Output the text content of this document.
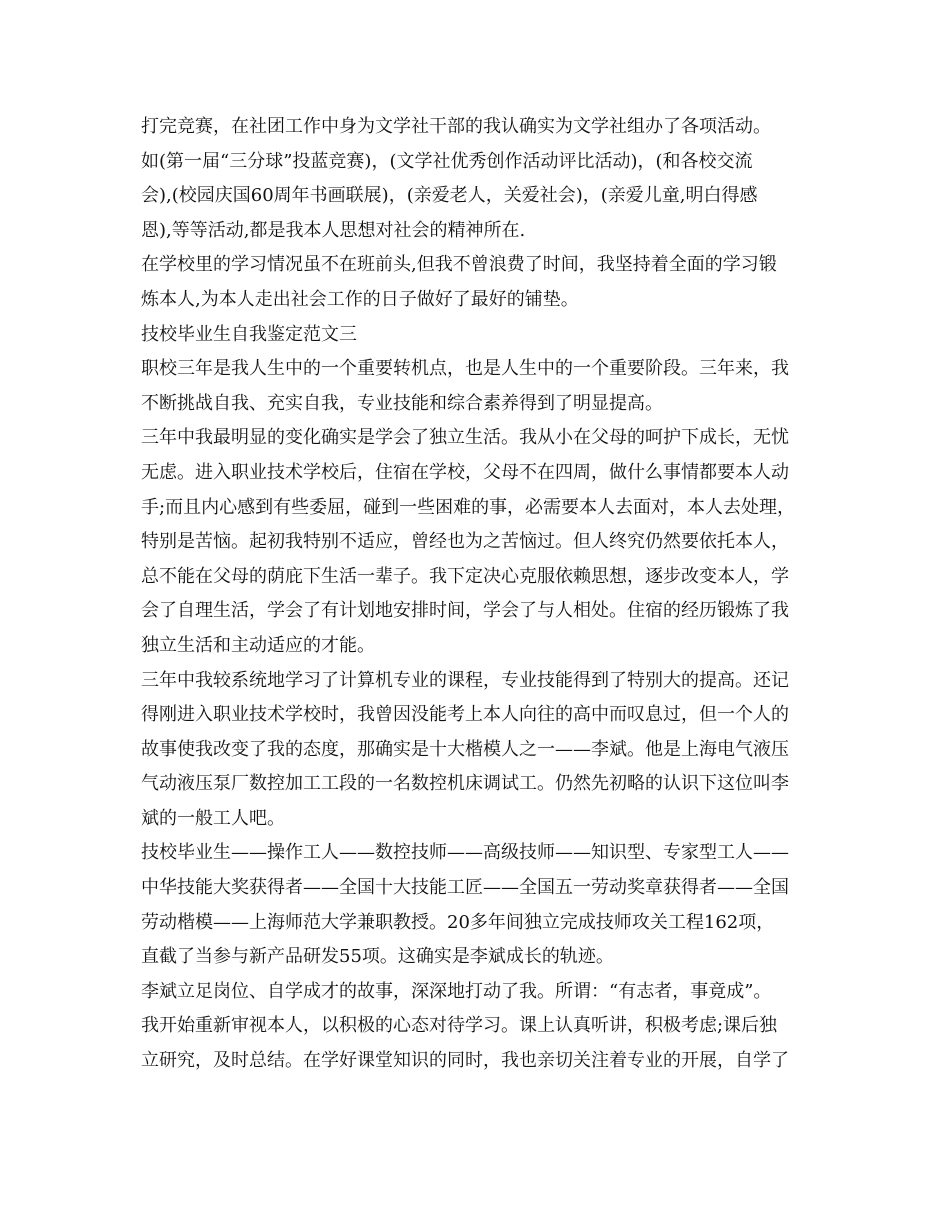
打完竞赛，在社团工作中身为文学社干部的我认确实为文学社组办了各项活动。
如(第一届“三分球”投蓝竞赛)，(文学社优秀创作活动评比活动)，(和各校交流
会),(校园庆国60周年书画联展)，(亲爱老人，关爱社会)，(亲爱儿童,明白得感
恩),等等活动,都是我本人思想对社会的精神所在.
在学校里的学习情况虽不在班前头,但我不曾浪费了时间，我坚持着全面的学习锻
炼本人,为本人走出社会工作的日子做好了最好的铺垫。
技校毕业生自我鉴定范文三
职校三年是我人生中的一个重要转机点，也是人生中的一个重要阶段。三年来，我
不断挑战自我、充实自我，专业技能和综合素养得到了明显提高。
三年中我最明显的变化确实是学会了独立生活。我从小在父母的呵护下成长，无忧
无虑。进入职业技术学校后，住宿在学校，父母不在四周，做什么事情都要本人动
手;而且内心感到有些委屈，碰到一些困难的事，必需要本人去面对，本人去处理，
特别是苦恼。起初我特别不适应，曾经也为之苦恼过。但人终究仍然要依托本人，
总不能在父母的荫庇下生活一辈子。我下定决心克服依赖思想，逐步改变本人，学
会了自理生活，学会了有计划地安排时间，学会了与人相处。住宿的经历锻炼了我
独立生活和主动适应的才能。
三年中我较系统地学习了计算机专业的课程，专业技能得到了特别大的提高。还记
得刚进入职业技术学校时，我曾因没能考上本人向往的高中而叹息过，但一个人的
故事使我改变了我的态度，那确实是十大楷模人之一——李斌。他是上海电气液压
气动液压泵厂数控加工工段的一名数控机床调试工。仍然先初略的认识下这位叫李
斌的一般工人吧。
技校毕业生——操作工人——数控技师——高级技师——知识型、专家型工人——
中华技能大奖获得者——全国十大技能工匠——全国五一劳动奖章获得者——全国
劳动楷模——上海师范大学兼职教授。20多年间独立完成技师攻关工程162项，
直截了当参与新产品研发55项。这确实是李斌成长的轨迹。
李斌立足岗位、自学成才的故事，深深地打动了我。所谓：“有志者，事竟成”。
我开始重新审视本人，以积极的心态对待学习。课上认真听讲，积极考虑;课后独
立研究，及时总结。在学好课堂知识的同时，我也亲切关注着专业的开展，自学了
